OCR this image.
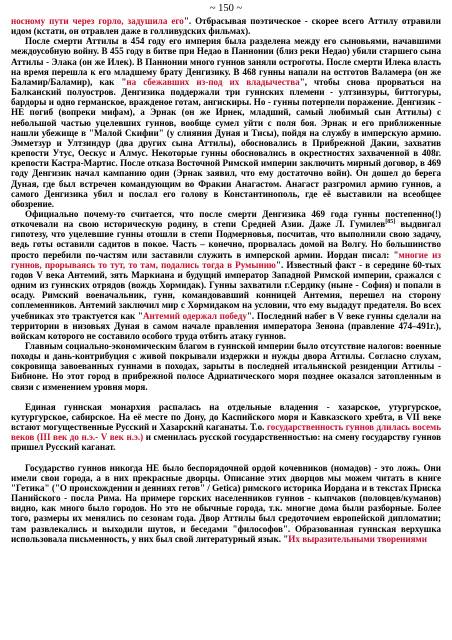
~ 150 ~

носному пути через горло, задушила его". Отбрасывая поэтическое - скорее всего Аттилу отравили идом (кстати, он отравлен даже в голливудских фильмах).

После смерти Аттилы в 454 году его империя была разделена между его сыновьями, начавшими междоусобную войну. В 455 году в битве при Недао в Паннонии (близ реки Недао) убили старшего сына Аттилы - Элака (он же Илек). В Паннонии много гуннов заняли остроготы. После смерти Илека власть на время перешла к его младшему брату Денгизику. В 468 гунны напали на остготов Валамера (он же Баламир/Баламир), как "на сбежавших из-под их владычества", чтобы снова прорваться на Балканский полуостров. Денгизика поддержали три гуннских племени - ултзинзуры, биттогуры, бардоры и одно германское, вражденое готам, ангискиры. Но - гунны потерпели поражение. Денгизик - НЕ погиб (вопреки мифам), а Эрнак (он же Ирнек, младший, самый любимый сын Аттилы) с небольшой частью уцелевших гуннов, вообще сумел уйти с поля боя. Эрнак и его приближенные нашли убежище в "Малой Скифии" (у слияния Дуная и Тисы), пойдя на службу в имперскую армию. Эмметзур и Ултзиндур (два других сына Аттилы), обосновались в Прибрежной Дакии, захватив крепости Утус, Оескус и Алмус. Некоторые гунны обосновались в окрестностях захваченной в 408г. крепости Кастра-Мартис. После отказа Восточной Римской империи заключить мирный договор, в 469 году Денгизик начал кампанию один (Эрнак заявил, что ему достаточно войн). Он дошел до берега Дуная, где был встречен командующим во Фракии Анагастом. Анагаст разгромил армию гуннов, а самого Денгизика убил и послал его голову в Константинополь, где её выставили на всеобщее обозрение.

Официально почему-то считается, что после смерти Денгизика 469 года гунны постепенно(!) откочевали на свою историческую родину, в степи Средней Азии. Даже Л. Гумилев[85] выдвигал гипотезу, что уцелевшие гунны отошли в степи Подмерновья, посчитав, что выполнили свою задачу, ведь готы оставили садитов в покое. Часть – конечно, прорвалась домой на Волгу. Но большинство просто перебили по-частям или заставили служить в имперской армии. Иордан писал: "многие из гуннов, прорываясь то тут, то там, подались тогда в Румынию". Известный факт - в середине 60-тых годов V века Антемий, зять Маркиана и будущий император Западной Римской империи, сражался с одним из гуннских отрядов (вождь Хормидак). Гунны захватили г.Сердику (ныне - София) и попали в осаду. Римский военачальник, гунн, командовавший конницей Антемия, перешел на сторону соплеменников. Антемий заключил мир с Хормидаком на условии, что ему выдадут предателя. Во всех учебниках это трактуется как "Антемий одержал победу". Последний набег в V веке гунны сделали на территории в низовьях Дуная в самом начале правления императора Зенона (правление 474–491г.), войскам которого не составило особого труда отбить атаку гуннов.

Главным социально-экономическим благом в гуннской империи было отсутствие налогов: военные походы и дань-контрибуция с живой покрывали издержки и нужды двора Аттилы. Согласно слухам, сокровища завоеванных гуннами в походах, зарыты в последней итальянской резиденции Аттилы - Бибионе. Но этот город в прибрежной полосе Адриатического моря позднее оказался затопленным в связи с изменением уровня моря.

Единая гуннская монархия распалась на отдельные владения - хазарское, утургурское, кутургурское, сабирское. На её месте по Дону, до Каспийского моря и Кавказского хребта, в VII веке встают могущественные Русский и Хазарский каганаты. Т.о. государственность гуннов длилась восемь веков (III век до н.э.- V век н.э.) и сменилась русской государственностью: на смену государству гуннов пришел Русский каганат.

Государство гуннов никогда НЕ было беспорядочной ордой кочевников (номадов) - это ложь. Они имели свои города, а в них прекрасные дворцы. Описание этих дворцов мы можем читать в книге "Гетика" ("О происхождении и деяниях гетов" / Getica) римского историка Иордана и в текстах Приска Панийского - посла Рима. На примере горских населенников гуннов - кыпчаков (половцев/куманов) видно, как много было городов. Но это не обычные города, т.к. многие дома были разборные. Более того, размеры их менялись по сезонам года. Двор Аттилы был средоточием европейской дипломатии; там развлекались и выходили шутов, и беседами "философов". Образованная гуннская верхушка использовала письменность, у них был свой литературный язык. "Их выразительными творениями
